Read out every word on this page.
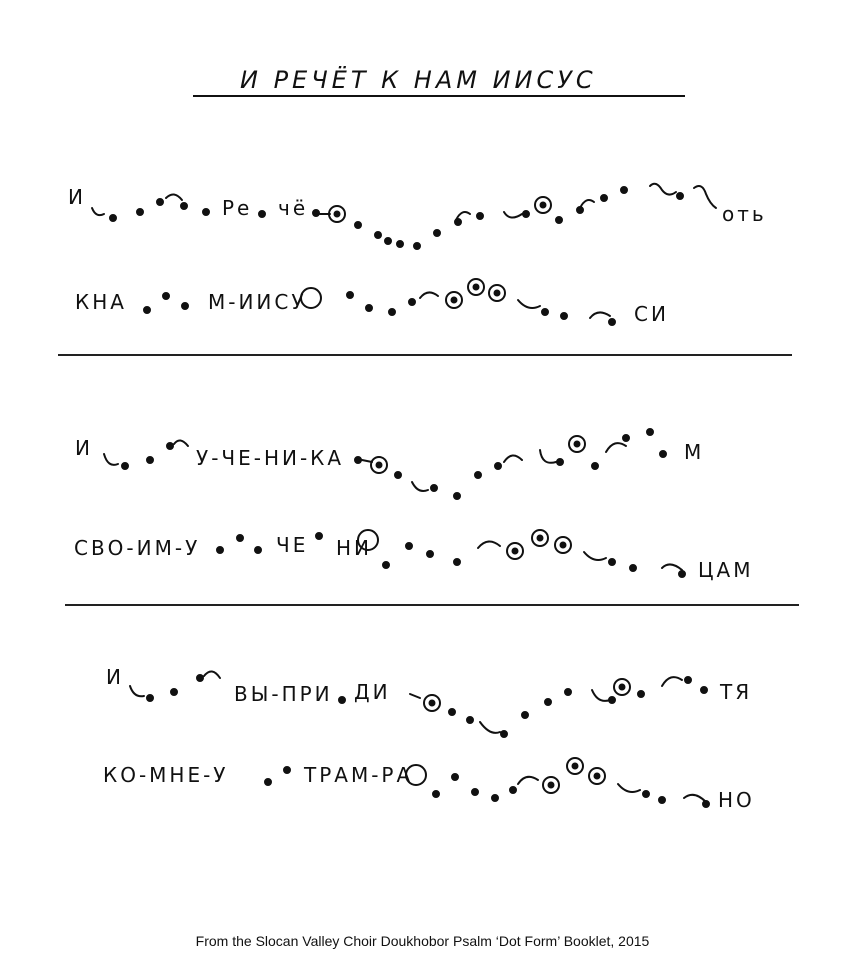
И РЕЧЁТ К НАМ ИИСУС
И	Ре чё	оть
КНА	М-ИИСУ	СИ
И	У-ЧЕ-НИ-КА	М
СВО-ИМ-У	ЧЕ НИ
ЦАМ
И
ВЫ-ПРИ ДИ	ТЯ
КО-МНЕ-У	ТРАМ-РА
НО
From the Slocan Valley Choir Doukhobor Psalm ‘Dot Form’ Booklet, 2015
